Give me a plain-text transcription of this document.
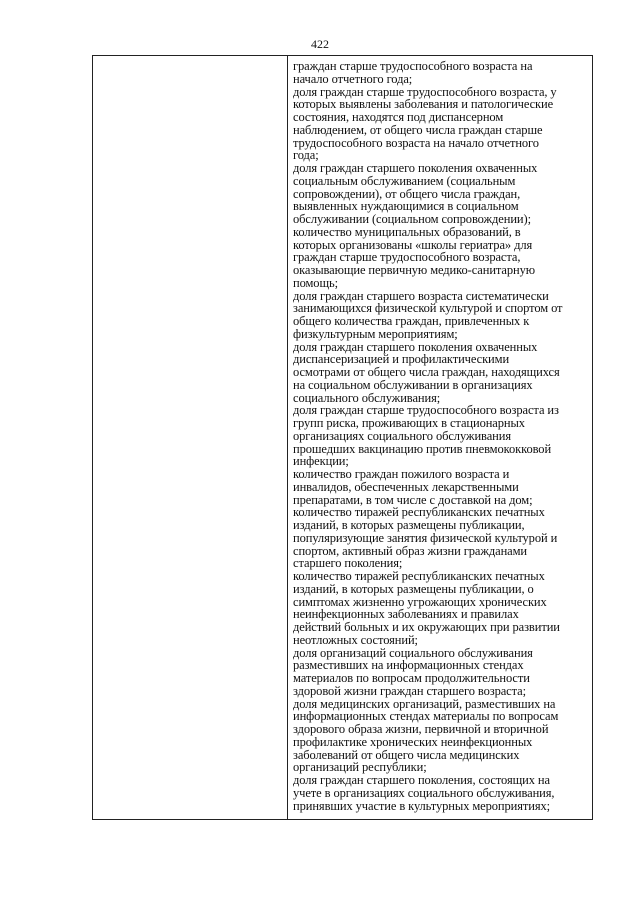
422
граждан старше трудоспособного возраста на
начало отчетного года;
доля граждан старше трудоспособного возраста, у
которых выявлены заболевания и патологические
состояния, находятся под диспансерном
наблюдением, от общего числа граждан старше
трудоспособного возраста на начало отчетного
года;
доля граждан старшего поколения охваченных
социальным обслуживанием (социальным
сопровождении), от общего числа граждан,
выявленных нуждающимися в социальном
обслуживании (социальном сопровождении);
количество муниципальных образований, в
которых организованы «школы гериатра» для
граждан старше трудоспособного возраста,
оказывающие первичную медико-санитарную
помощь;
доля граждан старшего возраста систематически
занимающихся физической культурой и спортом от
общего количества граждан, привлеченных к
физкультурным мероприятиям;
доля граждан старшего поколения охваченных
диспансеризацией и профилактическими
осмотрами от общего числа граждан, находящихся
на социальном обслуживании в организациях
социального обслуживания;
доля граждан старше трудоспособного возраста из
групп риска, проживающих в стационарных
организациях социального обслуживания
прошедших вакцинацию против пневмококковой
инфекции;
количество граждан пожилого возраста и
инвалидов, обеспеченных лекарственными
препаратами, в том числе с доставкой на дом;
количество тиражей республиканских печатных
изданий, в которых размещены публикации,
популяризующие занятия физической культурой и
спортом, активный образ жизни гражданами
старшего поколения;
количество тиражей республиканских печатных
изданий, в которых размещены публикации, о
симптомах жизненно угрожающих хронических
неинфекционных заболеваниях и правилах
действий больных и их окружающих при развитии
неотложных состояний;
доля организаций социального обслуживания
разместивших на информационных стендах
материалов по вопросам продолжительности
здоровой жизни граждан старшего возраста;
доля медицинских организаций, разместивших на
информационных стендах материалы по вопросам
здорового образа жизни, первичной и вторичной
профилактике хронических неинфекционных
заболеваний от общего числа медицинских
организаций республики;
доля граждан старшего поколения, состоящих на
учете в организациях социального обслуживания,
принявших участие в культурных мероприятиях;
